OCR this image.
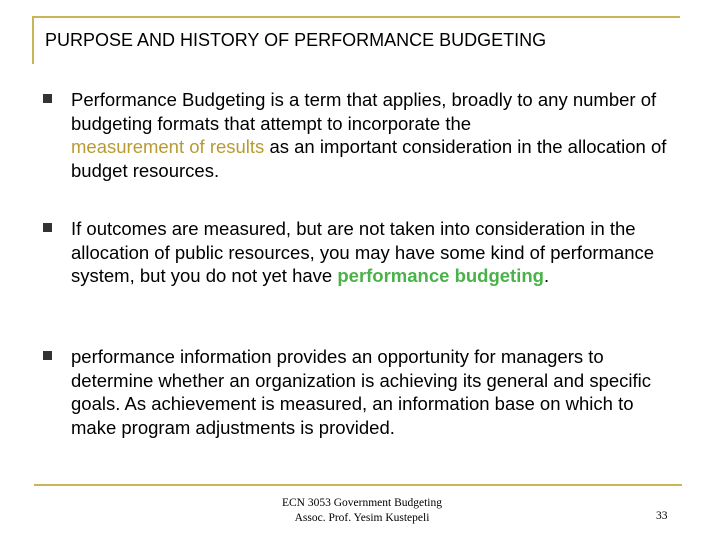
PURPOSE AND HISTORY OF PERFORMANCE BUDGETING
Performance Budgeting is a term that applies, broadly to any number of budgeting formats that attempt to incorporate the
measurement of results as an important consideration in the allocation of budget resources.
If outcomes are measured, but are not taken into consideration in the allocation of public resources, you may have some kind of performance system, but you do not yet have performance budgeting.
performance information provides an opportunity for managers to determine whether an organization is achieving its general and specific goals. As achievement is measured, an information base on which to make program adjustments is provided.
ECN 3053 Government Budgeting
Assoc. Prof. Yesim Kustepeli	33
